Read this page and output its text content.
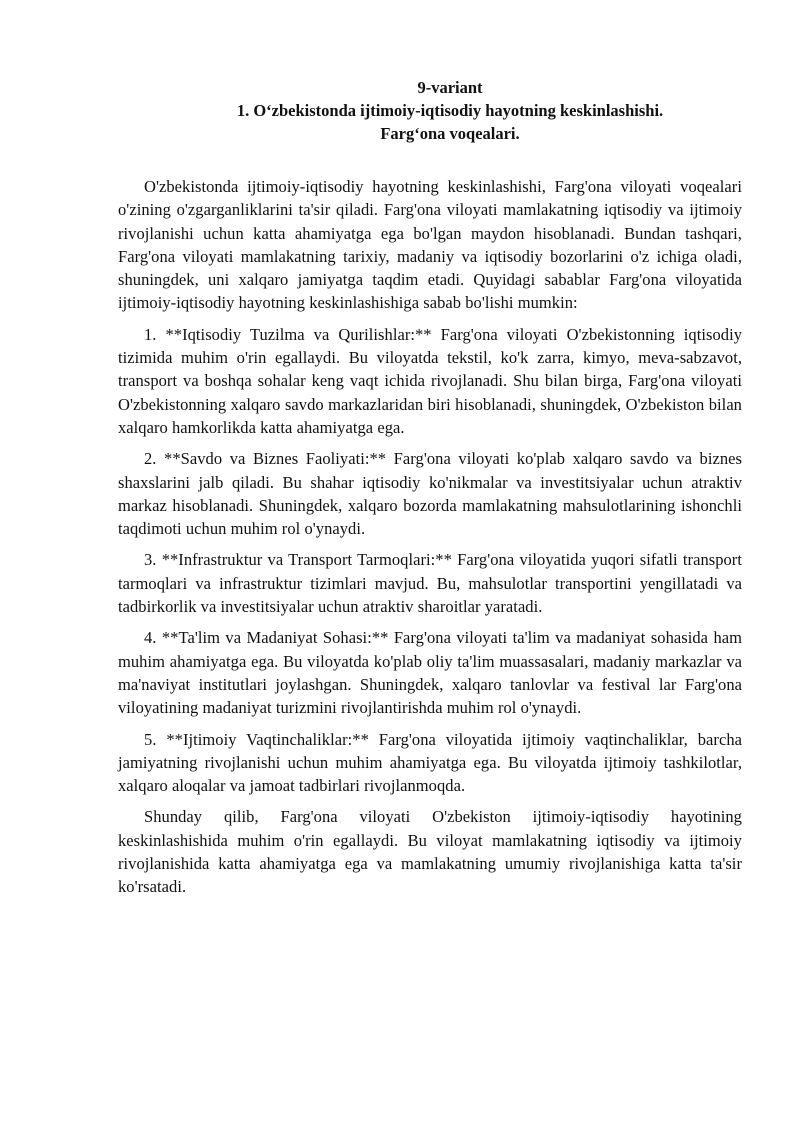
9-variant

1. O‘zbekistonda ijtimoiy-iqtisodiy hayotning keskinlashishi.

Farg‘ona voqealari.

O'zbekistonda ijtimoiy-iqtisodiy hayotning keskinlashishi, Farg'ona viloyati voqealari o'zining o'zgarganliklarini ta'sir qiladi. Farg'ona viloyati mamlakatning iqtisodiy va ijtimoiy rivojlanishi uchun katta ahamiyatga ega bo'lgan maydon hisoblanadi. Bundan tashqari, Farg'ona viloyati mamlakatning tarixiy, madaniy va iqtisodiy bozorlarini o'z ichiga oladi, shuningdek, uni xalqaro jamiyatga taqdim etadi. Quyidagi sabablar Farg'ona viloyatida ijtimoiy-iqtisodiy hayotning keskinlashishiga sabab bo'lishi mumkin:

1. **Iqtisodiy Tuzilma va Qurilishlar:** Farg'ona viloyati O'zbekistonning iqtisodiy tizimida muhim o'rin egallaydi. Bu viloyatda tekstil, ko'k zarra, kimyo, meva-sabzavot, transport va boshqa sohalar keng vaqt ichida rivojlanadi. Shu bilan birga, Farg'ona viloyati O'zbekistonning xalqaro savdo markazlaridan biri hisoblanadi, shuningdek, O'zbekiston bilan xalqaro hamkorlikda katta ahamiyatga ega.

2. **Savdo va Biznes Faoliyati:** Farg'ona viloyati ko'plab xalqaro savdo va biznes shaxslarini jalb qiladi. Bu shahar iqtisodiy ko'nikmalar va investitsiyalar uchun atraktiv markaz hisoblanadi. Shuningdek, xalqaro bozorda mamlakatning mahsulotlarining ishonchli taqdimoti uchun muhim rol o'ynaydi.

3. **Infrastruktur va Transport Tarmoqlari:** Farg'ona viloyatida yuqori sifatli transport tarmoqlari va infrastruktur tizimlari mavjud. Bu, mahsulotlar transportini yengillatadi va tadbirkorlik va investitsiyalar uchun atraktiv sharoitlar yaratadi.

4. **Ta'lim va Madaniyat Sohasi:** Farg'ona viloyati ta'lim va madaniyat sohasida ham muhim ahamiyatga ega. Bu viloyatda ko'plab oliy ta'lim muassasalari, madaniy markazlar va ma'naviyat institutlari joylashgan. Shuningdek, xalqaro tanlovlar va festival lar Farg'ona viloyatining madaniyat turizmini rivojlantirishda muhim rol o'ynaydi.

5. **Ijtimoiy Vaqtinchaliklar:** Farg'ona viloyatida ijtimoiy vaqtinchaliklar, barcha jamiyatning rivojlanishi uchun muhim ahamiyatga ega. Bu viloyatda ijtimoiy tashkilotlar, xalqaro aloqalar va jamoat tadbirlari rivojlanmoqda.

Shunday qilib, Farg'ona viloyati O'zbekiston ijtimoiy-iqtisodiy hayotining keskinlashishida muhim o'rin egallaydi. Bu viloyat mamlakatning iqtisodiy va ijtimoiy rivojlanishida katta ahamiyatga ega va mamlakatning umumiy rivojlanishiga katta ta'sir ko'rsatadi.
